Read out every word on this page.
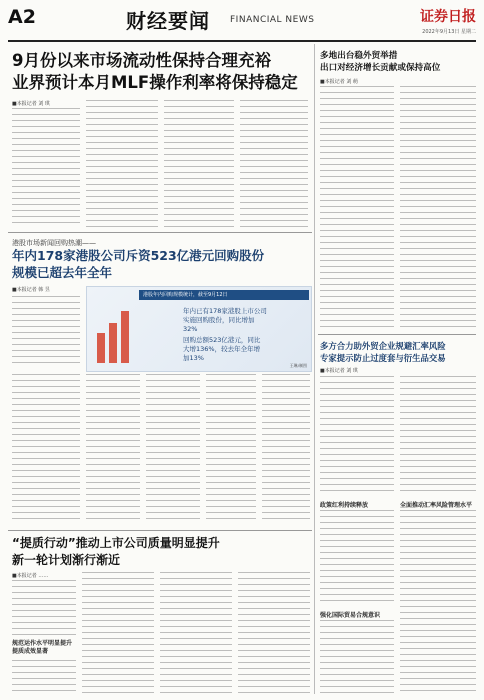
A2	财经要闻 FINANCIAL NEWS	证券日报
2022年9月13日 星期二
9月份以来市场流动性保持合理充裕
业界预计本月MLF操作利率将保持稳定
■本报记者 刘 琪
港股市场新闻回购热潮——
年内178家港股公司斥资523亿港元回购股份
规模已超去年全年
■本报记者 韩 昱
港股年内回购规模统计，截至9月12日
年内已有178家港股上市公司
实施回购股份，同比增加
32%
回购总额523亿港元，同比
大增136%，较去年全年增
加13%
王琳/制图
“提质行动”推动上市公司质量明显提升
新一轮计划渐行渐近
■本报记者 ……
规范运作水平明显提升 提质成效显著
多地出台稳外贸举措
出口对经济增长贡献或保持高位
■本报记者 刘 萌
多方合力助外贸企业规避汇率风险
专家提示防止过度套与衍生品交易
■本报记者 刘 琪
政策红利持续释放
强化国际贸易合规意识
全面推动汇率风险管理水平
